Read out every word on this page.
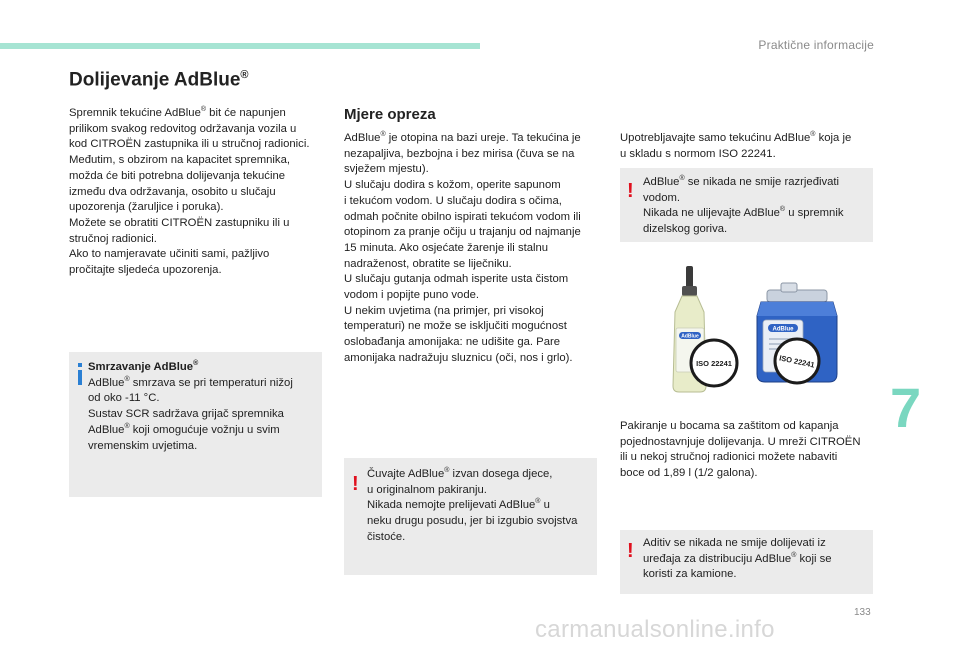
Praktične informacije
Dolijevanje AdBlue®

Spremnik tekućine AdBlue® bit će napunjen

prilikom svakog redovitog održavanja vozila u

kod CITROËN zastupnika ili u stručnoj radionici.

Međutim, s obzirom na kapacitet spremnika,

možda će biti potrebna dolijevanja tekućine

između dva održavanja, osobito u slučaju

upozorenja (žaruljice i poruka).

Možete se obratiti CITROËN zastupniku ili u

stručnoj radionici.

Ako to namjeravate učiniti sami, pažljivo

pročitajte sljedeća upozorenja.

Smrzavanje AdBlue®

AdBlue® smrzava se pri temperaturi nižoj

od oko -11 °C.

Sustav SCR sadržava grijač spremnika

AdBlue® koji omogućuje vožnju u svim

vremenskim uvjetima.

Mjere opreza

AdBlue® je otopina na bazi ureje. Ta tekućina je

nezapaljiva, bezbojna i bez mirisa (čuva se na

svježem mjestu).

U slučaju dodira s kožom, operite sapunom

i tekućom vodom. U slučaju dodira s očima,

odmah počnite obilno ispirati tekućom vodom ili

otopinom za pranje očiju u trajanju od najmanje

15 minuta. Ako osjećate žarenje ili stalnu

nadraženost, obratite se liječniku.

U slučaju gutanja odmah isperite usta čistom

vodom i popijte puno vode.

U nekim uvjetima (na primjer, pri visokoj

temperaturi) ne može se isključiti mogućnost

oslobađanja amonijaka: ne udišite ga. Pare

amonijaka nadražuju sluznicu (oči, nos i grlo).

! Čuvajte AdBlue® izvan dosega djece,

u originalnom pakiranju.

Nikada nemojte prelijevati AdBlue® u

neku drugu posudu, jer bi izgubio svojstva

čistoće.

Upotrebljavajte samo tekućinu AdBlue® koja je

u skladu s normom ISO 22241.

! AdBlue® se nikada ne smije razrjeđivati

vodom.

Nikada ne ulijevajte AdBlue® u spremnik

dizelskog goriva.

AdBlue
ISO 22241
AdBlue
ISO 22241

Pakiranje u bocama sa zaštitom od kapanja

pojednostavnjuje dolijevanja. U mreži CITROËN

ili u nekoj stručnoj radionici možete nabaviti

boce od 1,89 l (1/2 galona).

! Aditiv se nikada ne smije dolijevati iz

uređaja za distribuciju AdBlue® koji se

koristi za kamione.

7
133
carmanualsonline.info
